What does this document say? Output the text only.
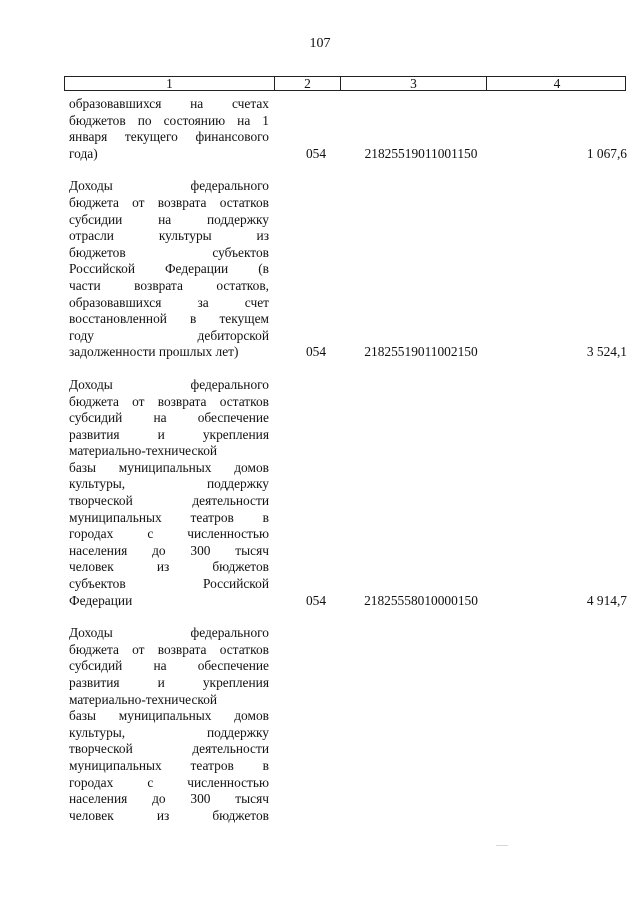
107
1	2	3	4
образовавшихся на счетах
бюджетов по состоянию на 1
января текущего финансового
года)	054	21825519011001150	1 067,6
Доходы федерального
бюджета от возврата остатков
субсидии на поддержку
отрасли культуры из
бюджетов субъектов
Российской Федерации (в
части возврата остатков,
образовавшихся за счет
восстановленной в текущем
году дебиторской
задолженности прошлых лет)	054	21825519011002150	3 524,1
Доходы федерального
бюджета от возврата остатков
субсидий на обеспечение
развития и укрепления
материально-технической
базы муниципальных домов
культуры, поддержку
творческой деятельности
муниципальных театров в
городах с численностью
населения до 300 тысяч
человек из бюджетов
субъектов Российской
Федерации	054	21825558010000150	4 914,7
Доходы федерального
бюджета от возврата остатков
субсидий на обеспечение
развития и укрепления
материально-технической
базы муниципальных домов
культуры, поддержку
творческой деятельности
муниципальных театров в
городах с численностью
населения до 300 тысяч
человек из бюджетов
